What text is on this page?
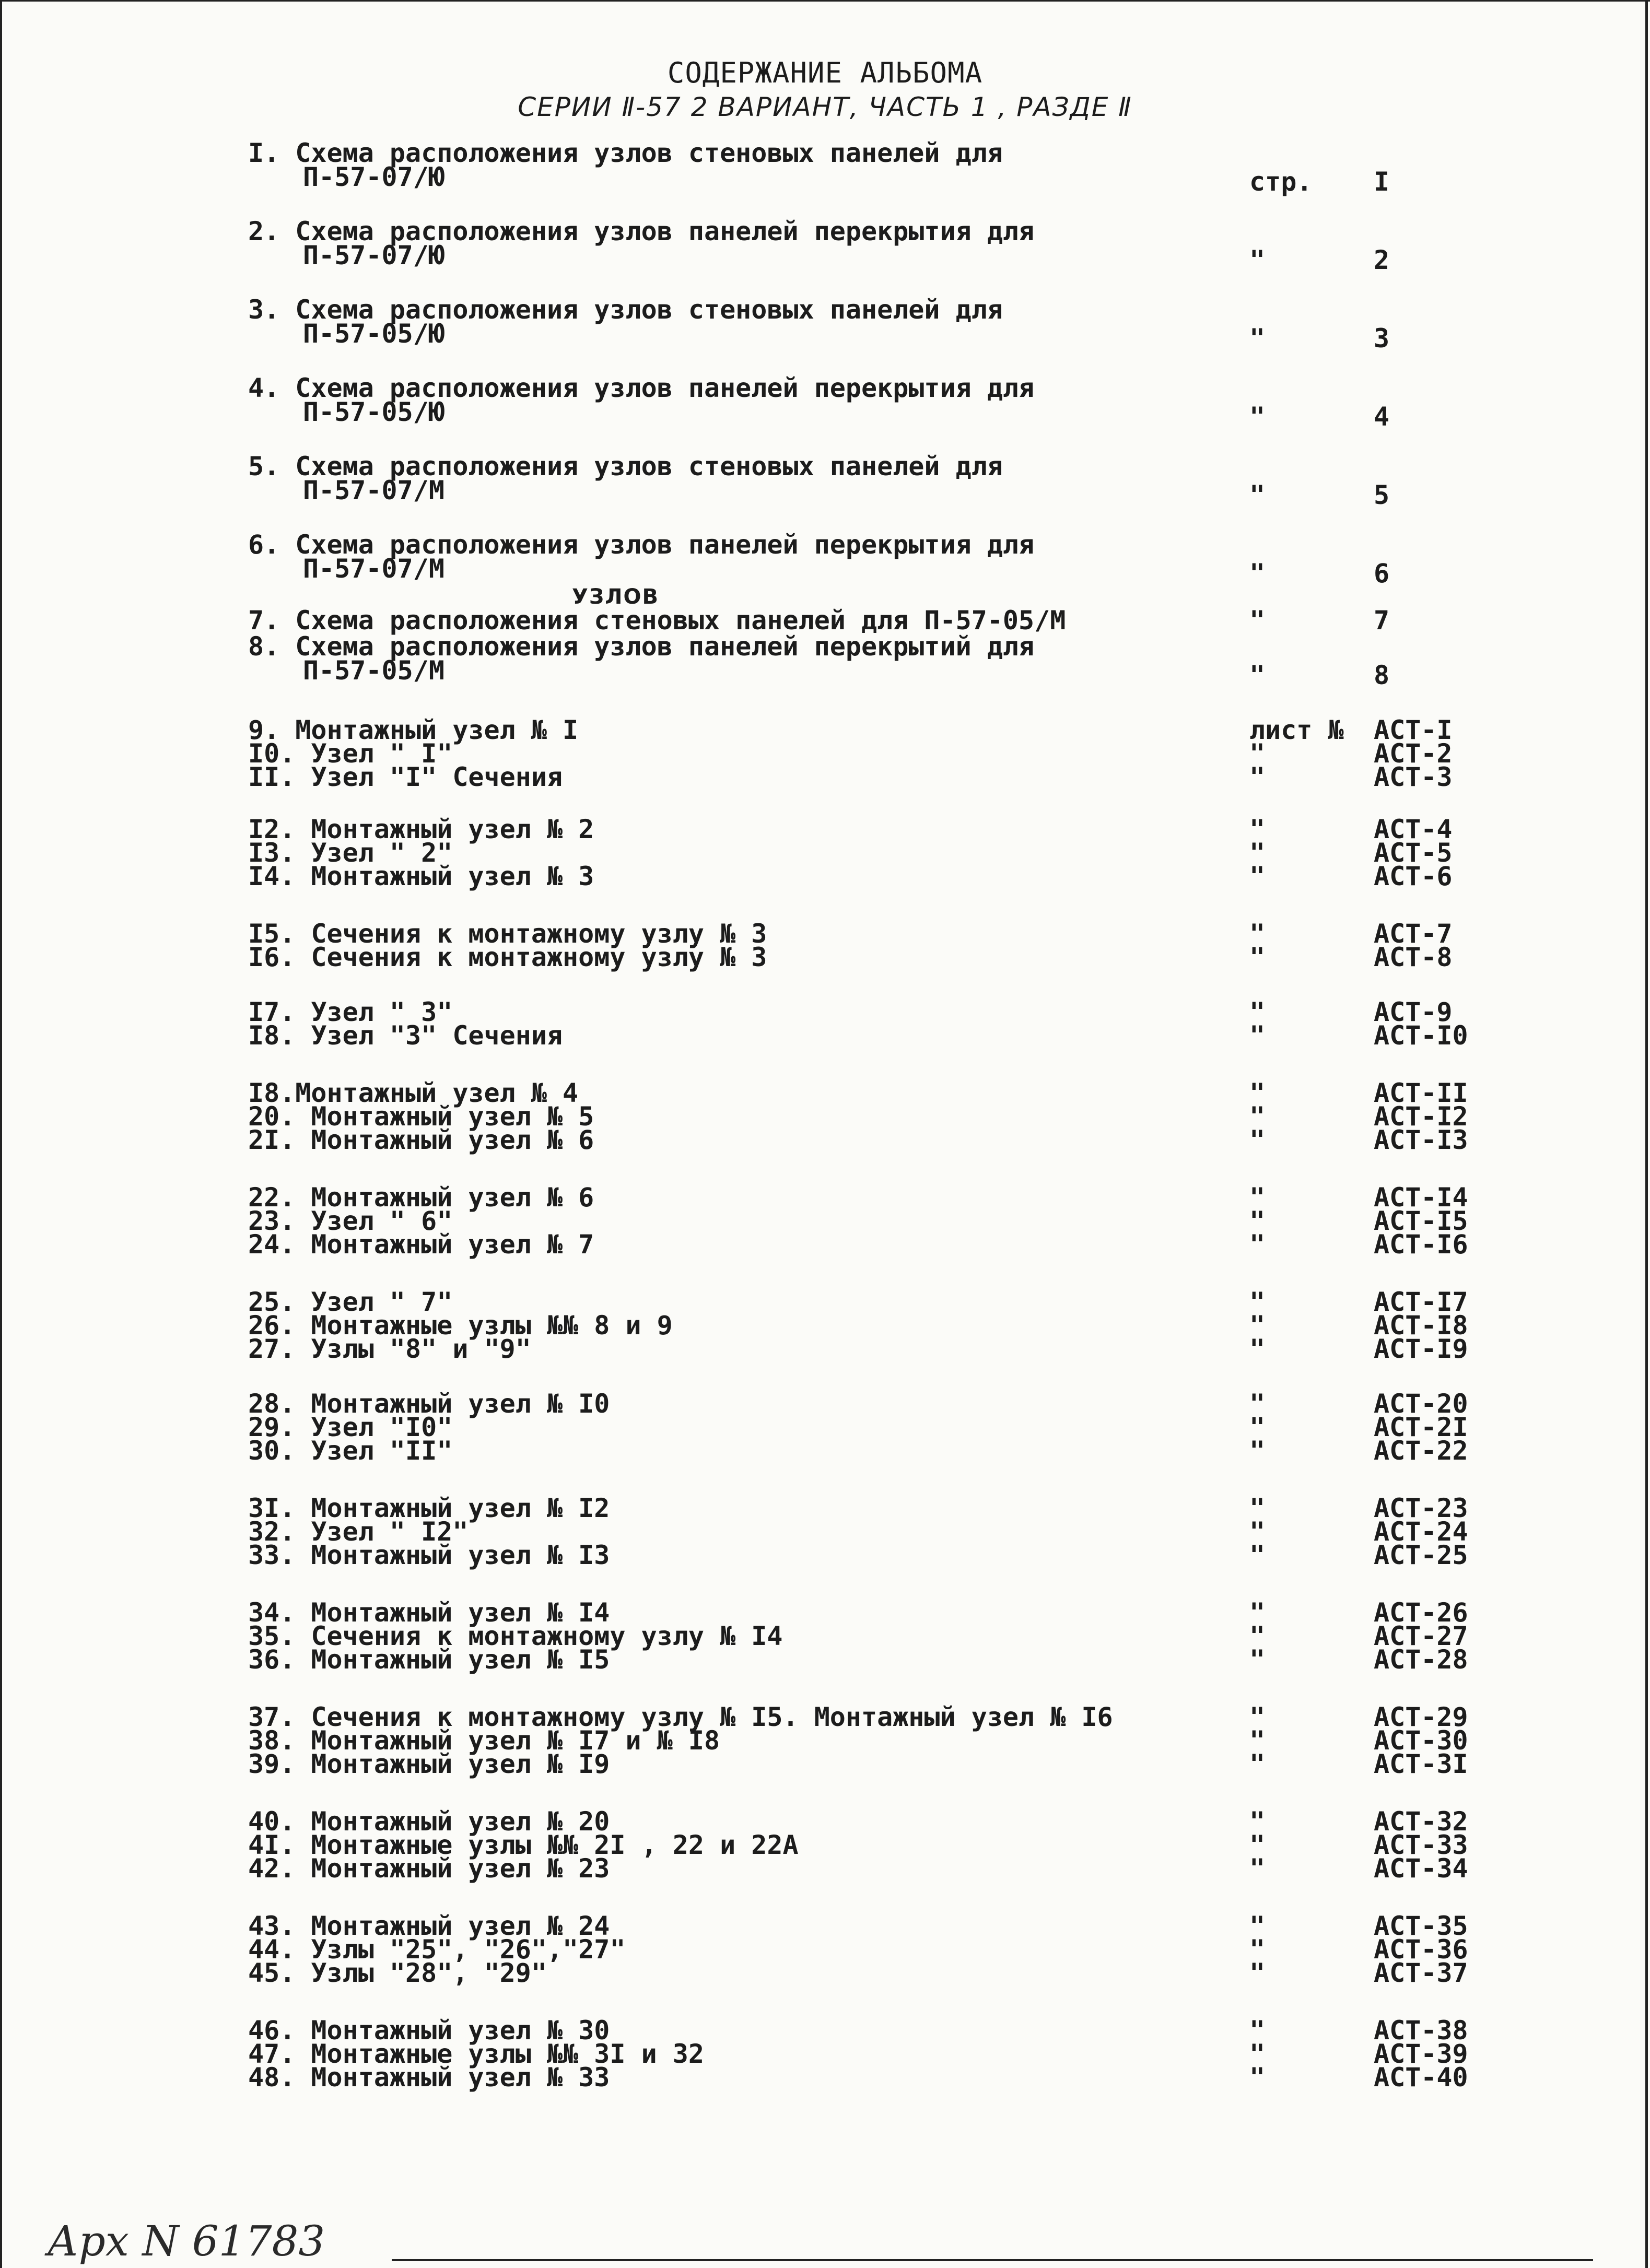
СОДЕРЖАНИЕ АЛЬБОМА
СЕРИИ Ⅱ-57 2 ВАРИАНТ, ЧАСТЬ 1 , РАЗДЕ Ⅱ
УЗЛОВ
I. Схема расположения узлов стеновых панелей для
П-57-07/Ю	стр. I
2. Схема расположения узлов панелей перекрытия для
П-57-07/Ю	"	2
3. Схема расположения узлов стеновых панелей для
П-57-05/Ю	"	3
4. Схема расположения узлов панелей перекрытия для
П-57-05/Ю	"	4
5. Схема расположения узлов стеновых панелей для
П-57-07/М	"	5
6. Схема расположения узлов панелей перекрытия для
П-57-07/М	"	6
7. Схема расположения стеновых панелей для П-57-05/М	"	7
8. Схема расположения узлов панелей перекрытий для
П-57-05/М	"	8
9. Монтажный узел № I	лист № АСТ-I
I0. Узел " I"	"	АСТ-2
II. Узел "I" Сечения	"	АСТ-3
I2. Монтажный узел № 2	"	АСТ-4
I3. Узел " 2"	"	АСТ-5
I4. Монтажный узел № 3	"	АСТ-6
I5. Сечения к монтажному узлу № 3	"	АСТ-7
I6. Сечения к монтажному узлу № 3	"	АСТ-8
I7. Узел " 3"	"	АСТ-9
I8. Узел "3" Сечения	"	АСТ-I0
I8.Монтажный узел № 4	"	АСТ-II
20. Монтажный узел № 5	"	АСТ-I2
2I. Монтажный узел № 6	"	АСТ-I3
22. Монтажный узел № 6	"	АСТ-I4
23. Узел " 6"	"	АСТ-I5
24. Монтажный узел № 7	"	АСТ-I6
25. Узел " 7"	"	АСТ-I7
26. Монтажные узлы №№ 8 и 9	"	АСТ-I8
27. Узлы "8" и "9"	"	АСТ-I9
28. Монтажный узел № I0	"	АСТ-20
29. Узел "I0"	"	АСТ-2I
30. Узел "II"	"	АСТ-22
3I. Монтажный узел № I2	"	АСТ-23
32. Узел " I2"	"	АСТ-24
33. Монтажный узел № I3	"	АСТ-25
34. Монтажный узел № I4	"	АСТ-26
35. Сечения к монтажному узлу № I4	"	АСТ-27
36. Монтажный узел № I5	"	АСТ-28
37. Сечения к монтажному узлу № I5. Монтажный узел № I6	"	АСТ-29
38. Монтажный узел № I7 и № I8	"	АСТ-30
39. Монтажный узел № I9	"	АСТ-3I
40. Монтажный узел № 20	"	АСТ-32
4I. Монтажные узлы №№ 2I , 22 и 22А	"	АСТ-33
42. Монтажный узел № 23	"	АСТ-34
43. Монтажный узел № 24	"	АСТ-35
44. Узлы "25", "26","27"	"	АСТ-36
45. Узлы "28", "29"	"	АСТ-37
46. Монтажный узел № 30	"	АСТ-38
47. Монтажные узлы №№ 3I и 32	"	АСТ-39
48. Монтажный узел № 33	"	АСТ-40
Арх N 61783
